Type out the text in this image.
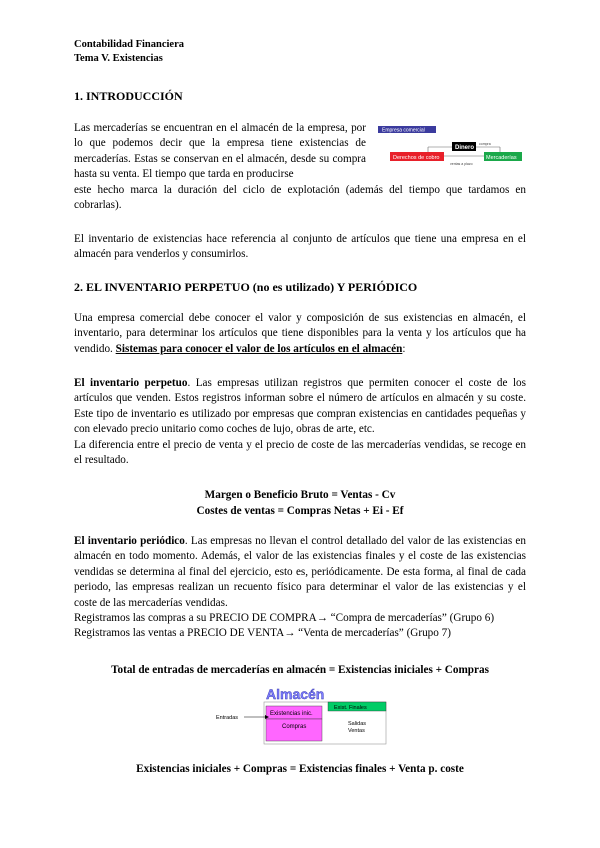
Contabilidad Financiera
Tema V. Existencias
1. INTRODUCCIÓN

Las mercaderías se encuentran en el almacén de la empresa, por lo que podemos decir que la empresa tiene existencias de mercaderías. Estas se conservan en el almacén, desde su compra hasta su venta. El tiempo que tarda en producirse

Empresa comercial
Dinero
Derechos de cobro	Mercaderías
compra
ventas a plazo

este hecho marca la duración del ciclo de explotación (además del tiempo que tardamos en cobrarlas).

El inventario de existencias hace referencia al conjunto de artículos que tiene una empresa en el almacén para venderlos y consumirlos.

2. EL INVENTARIO PERPETUO (no es utilizado) Y PERIÓDICO

Una empresa comercial debe conocer el valor y composición de sus existencias en almacén, el inventario, para determinar los artículos que tiene disponibles para la venta y los artículos que ha vendido. Sistemas para conocer el valor de los artículos en el almacén:

El inventario perpetuo. Las empresas utilizan registros que permiten conocer el coste de los artículos que venden. Estos registros informan sobre el número de artículos en almacén y su coste. Este tipo de inventario es utilizado por empresas que compran existencias en cantidades pequeñas y con elevado precio unitario como coches de lujo, obras de arte, etc.
La diferencia entre el precio de venta y el precio de coste de las mercaderías vendidas, se recoge en el resultado.

Margen o Beneficio Bruto = Ventas - Cv
Costes de ventas = Compras Netas + Ei - Ef

El inventario periódico. Las empresas no llevan el control detallado del valor de las existencias en almacén en todo momento. Además, el valor de las existencias finales y el coste de las existencias vendidas se determina al final del ejercicio, esto es, periódicamente. De esta forma, al final de cada periodo, las empresas realizan un recuento físico para determinar el valor de las existencias y el coste de las mercaderías vendidas.
Registramos las compras a su PRECIO DE COMPRA→ “Compra de mercaderías” (Grupo 6)
Registramos las ventas a PRECIO DE VENTA→ “Venta de mercaderías” (Grupo 7)

Total de entradas de mercaderías en almacén = Existencias iniciales + Compras
Almacén
Existencias inic.
Compras
Exist. Finales
Salidas
Ventas
Entradas
Existencias iniciales + Compras = Existencias finales + Venta p. coste
